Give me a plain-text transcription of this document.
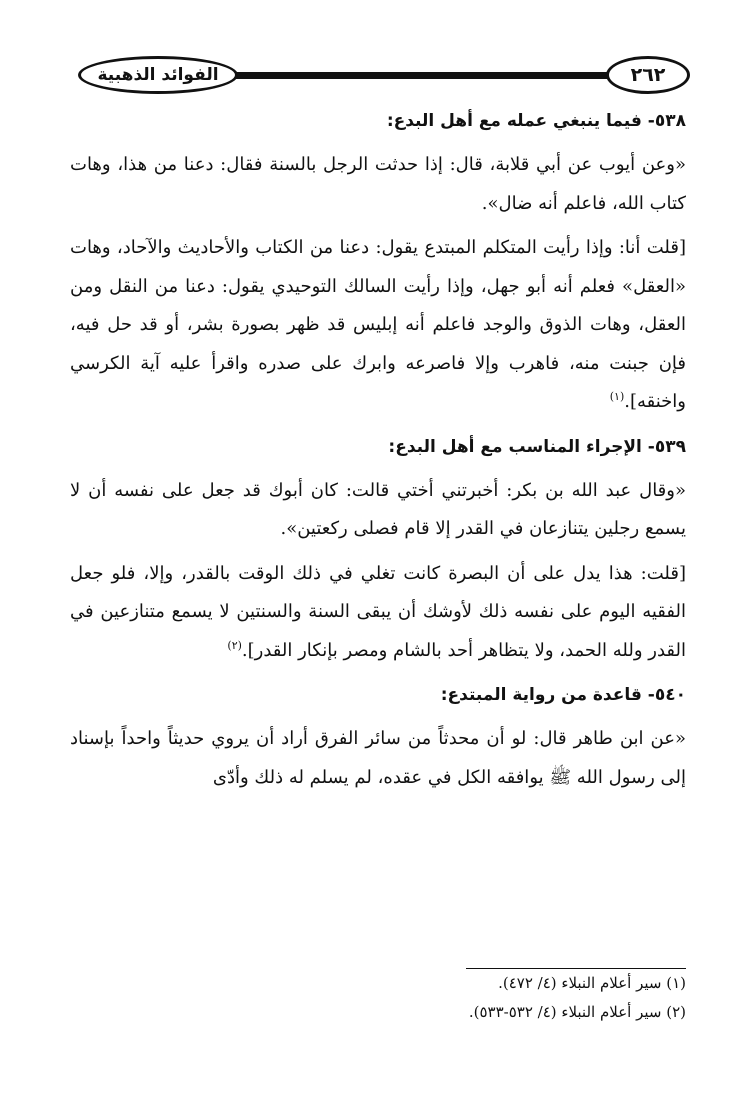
٢٦٢
الفوائد الذهبية

٥٣٨- فيما ينبغي عمله مع أهل البدع:

«وعن أيوب عن أبي قلابة، قال: إذا حدثت الرجل بالسنة فقال: دعنا من هذا، وهات كتاب الله، فاعلم أنه ضال».

[قلت أنا: وإذا رأيت المتكلم المبتدع يقول: دعنا من الكتاب والأحاديث والآحاد، وهات «العقل» فعلم أنه أبو جهل، وإذا رأيت السالك التوحيدي يقول: دعنا من النقل ومن العقل، وهات الذوق والوجد فاعلم أنه إبليس قد ظهر بصورة بشر، أو قد حل فيه، فإن جبنت منه، فاهرب وإلا فاصرعه وابرك على صدره واقرأ عليه آية الكرسي واخنقه].$^{(١)}$

٥٣٩- الإجراء المناسب مع أهل البدع:

«وقال عبد الله بن بكر: أخبرتني أختي قالت: كان أبوك قد جعل على نفسه أن لا يسمع رجلين يتنازعان في القدر إلا قام فصلى ركعتين».

[قلت: هذا يدل على أن البصرة كانت تغلي في ذلك الوقت بالقدر، وإلا، فلو جعل الفقيه اليوم على نفسه ذلك لأوشك أن يبقى السنة والسنتين لا يسمع متنازعين في القدر ولله الحمد، ولا يتظاهر أحد بالشام ومصر بإنكار القدر].$^{(٢)}$

٥٤٠- قاعدة من رواية المبتدع:

«عن ابن طاهر قال: لو أن محدثاً من سائر الفرق أراد أن يروي حديثاً واحداً بإسناد إلى رسول الله ﷺ يوافقه الكل في عقده، لم يسلم له ذلك وأدّى

(١) سير أعلام النبلاء (٤/ ٤٧٢).

(٢) سير أعلام النبلاء (٤/ ٥٣٢-٥٣٣).
